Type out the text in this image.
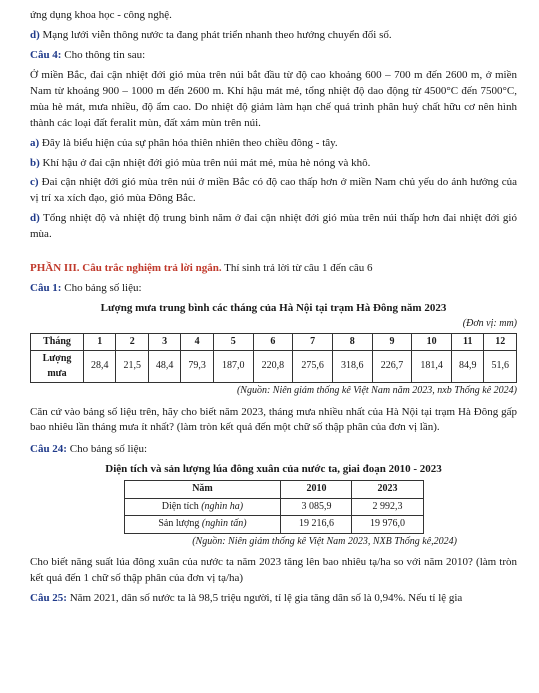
ứng dụng khoa học - công nghệ.

d) Mạng lưới viễn thông nước ta đang phát triển nhanh theo hướng chuyển đổi số.

Câu 4: Cho thông tin sau:

Ở miền Bắc, đai cận nhiệt đới gió mùa trên núi bắt đầu từ độ cao khoảng 600 – 700 m đến 2600 m, ở miền Nam từ khoảng 900 – 1000 m đến 2600 m. Khí hậu mát mẻ, tổng nhiệt độ dao động từ 4500°C đến 7500°C, mùa hè mát, mưa nhiều, độ ẩm cao. Do nhiệt độ giảm làm hạn chế quá trình phân huỷ chất hữu cơ nên hình thành các loại đất feralit mùn, đất xám mùn trên núi.

a) Đây là biểu hiện của sự phân hóa thiên nhiên theo chiều đông - tây.

b) Khí hậu ở đai cận nhiệt đới gió mùa trên núi mát mẻ, mùa hè nóng và khô.

c) Đai cận nhiệt đới gió mùa trên núi ở miền Bắc có độ cao thấp hơn ở miền Nam chủ yếu do ảnh hưởng của vị trí xa xích đạo, gió mùa Đông Bắc.

d) Tổng nhiệt độ và nhiệt độ trung bình năm ở đai cận nhiệt đới gió mùa trên núi thấp hơn đai nhiệt đới gió mùa.

PHẦN III. Câu trắc nghiệm trả lời ngắn. Thí sinh trả lời từ câu 1 đến câu 6

Câu 1: Cho bảng số liệu:

Lượng mưa trung bình các tháng của Hà Nội tại trạm Hà Đông năm 2023
(Đơn vị: mm)
Tháng	1	2	3	4	5	6	7	8	9	10	11	12
Lượng mưa	28,4	21,5	48,4	79,3	187,0	220,8	275,6	318,6	226,7	181,4	84,9	51,6
(Nguồn: Niên giám thống kê Việt Nam năm 2023, nxb Thống kê 2024)

Căn cứ vào bảng số liệu trên, hãy cho biết năm 2023, tháng mưa nhiều nhất của Hà Nội tại trạm Hà Đông gấp bao nhiêu lần tháng mưa ít nhất? (làm tròn kết quả đến một chữ số thập phân của đơn vị lần).

Câu 24: Cho bảng số liệu:

Diện tích và sản lượng lúa đông xuân của nước ta, giai đoạn 2010 - 2023
Năm	2010	2023
Diện tích (nghìn ha)	3 085,9	2 992,3
Sản lượng (nghìn tấn)	19 216,6	19 976,0
(Nguồn: Niên giám thống kê Việt Nam 2023, NXB Thống kê,2024)

Cho biết năng suất lúa đông xuân của nước ta năm 2023 tăng lên bao nhiêu tạ/ha so với năm 2010? (làm tròn kết quả đến 1 chữ số thập phân của đơn vị tạ/ha)

Câu 25: Năm 2021, dân số nước ta là 98,5 triệu người, tỉ lệ gia tăng dân số là 0,94%. Nếu tỉ lệ gia
